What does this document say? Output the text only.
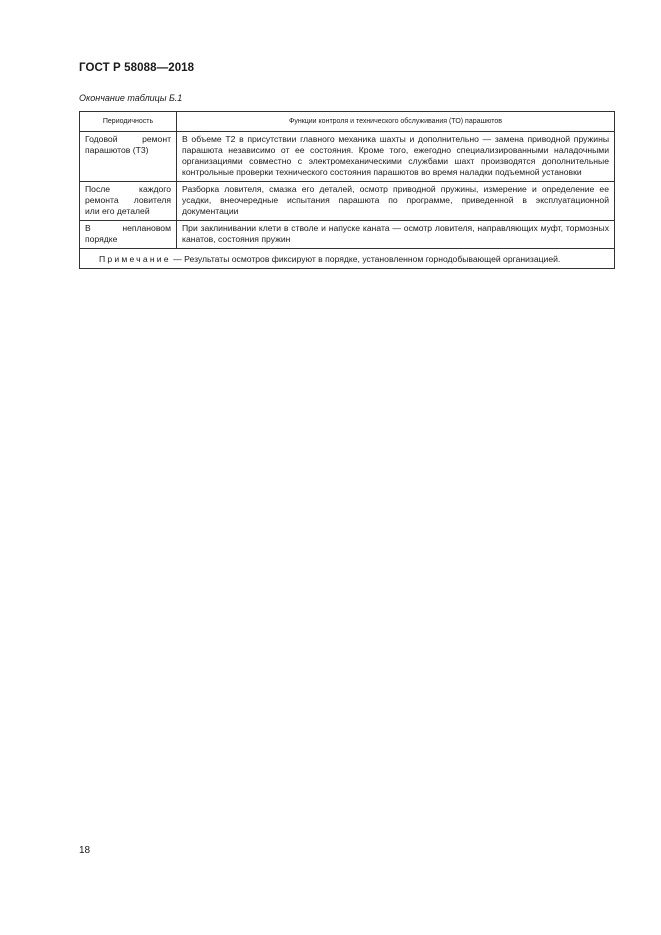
ГОСТ Р 58088—2018
Окончание таблицы Б.1
Периодичность	Функции контроля и технического обслуживания (ТО) парашютов
Годовой ремонт парашютов (Т3)	В объеме Т2 в присутствии главного механика шахты и дополнительно — замена приводной пружины парашюта независимо от ее состояния. Кроме того, ежегодно специализированными наладочными организациями совместно с электромеханическими службами шахт производятся дополнительные контрольные проверки технического состояния парашютов во время наладки подъемной установки
После каждого ремонта ловителя или его деталей	Разборка ловителя, смазка его деталей, осмотр приводной пружины, измерение и определение ее усадки, внеочередные испытания парашюта по программе, приведенной в эксплуатационной документации
В неплановом порядке	При заклинивании клети в стволе и напуске каната — осмотр ловителя, направляющих муфт, тормозных канатов, состояния пружин
Примечание — Результаты осмотров фиксируют в порядке, установленном горнодобывающей организацией.	
18
